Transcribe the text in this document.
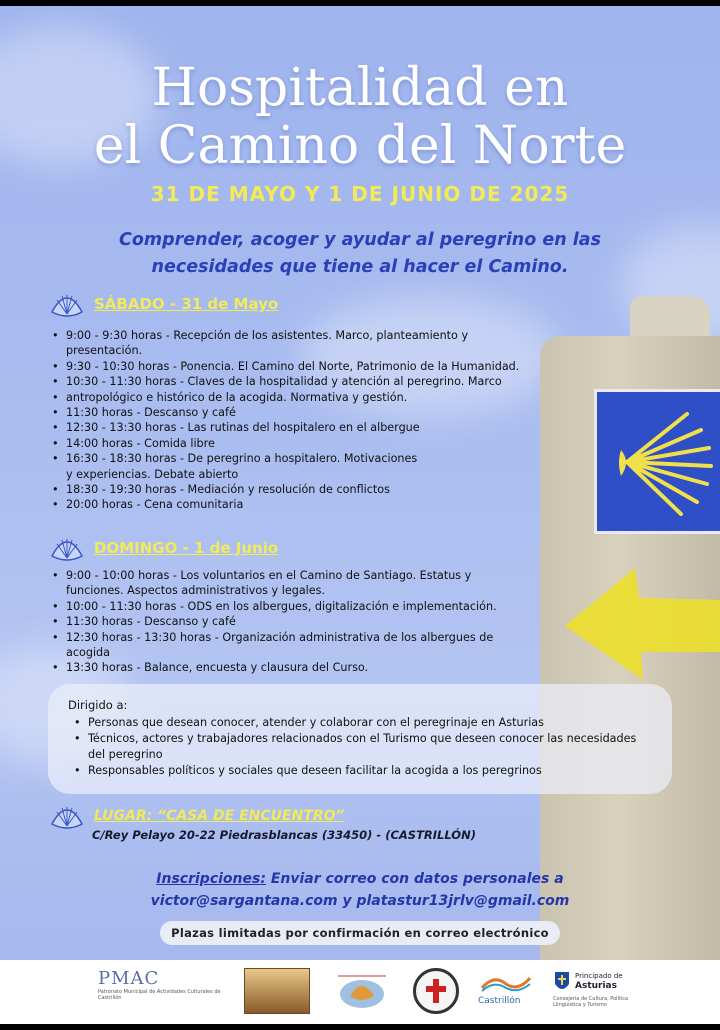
Hospitalidad en
el Camino del Norte
31 DE MAYO Y 1 DE JUNIO DE 2025
Comprender, acoger y ayudar al peregrino en las
necesidades que tiene al hacer el Camino.
SÁBADO - 31 de Mayo
• 9:00 - 9:30 horas - Recepción de los asistentes. Marco, planteamiento y
presentación.
• 9:30 - 10:30 horas - Ponencia. El Camino del Norte, Patrimonio de la Humanidad.
• 10:30 - 11:30 horas - Claves de la hospitalidad y atención al peregrino. Marco
• antropológico e histórico de la acogida. Normativa y gestión.
• 11:30 horas - Descanso y café
• 12:30 - 13:30 horas - Las rutinas del hospitalero en el albergue
• 14:00 horas - Comida libre
• 16:30 - 18:30 horas - De peregrino a hospitalero. Motivaciones
y experiencias. Debate abierto
• 18:30 - 19:30 horas - Mediación y resolución de conflictos
• 20:00 horas - Cena comunitaria
DOMINGO - 1 de Junio
• 9:00 - 10:00 horas - Los voluntarios en el Camino de Santiago. Estatus y
funciones. Aspectos administrativos y legales.
• 10:00 - 11:30 horas - ODS en los albergues, digitalización e implementación.
• 11:30 horas - Descanso y café
• 12:30 horas - 13:30 horas - Organización administrativa de los albergues de
acogida
• 13:30 horas - Balance, encuesta y clausura del Curso.
Dirigido a:
• Personas que desean conocer, atender y colaborar con el peregrinaje en Asturias
• Técnicos, actores y trabajadores relacionados con el Turismo que deseen conocer las necesidades del peregrino
• Responsables políticos y sociales que deseen facilitar la acogida a los peregrinos
LUGAR: “CASA DE ENCUENTRO”
C/Rey Pelayo 20-22 Piedrasblancas (33450) - (CASTRILLÓN)
Inscripciones: Enviar correo con datos personales a
victor@sargantana.com y platastur13jrlv@gmail.com
Plazas limitadas por confirmación en correo electrónico
PMAC
Patronato Municipal de Actividades Culturales de Castrillón	Castrillón
Principado de
Asturias
Consejería de Cultura, Política Llingüística y Turismo
